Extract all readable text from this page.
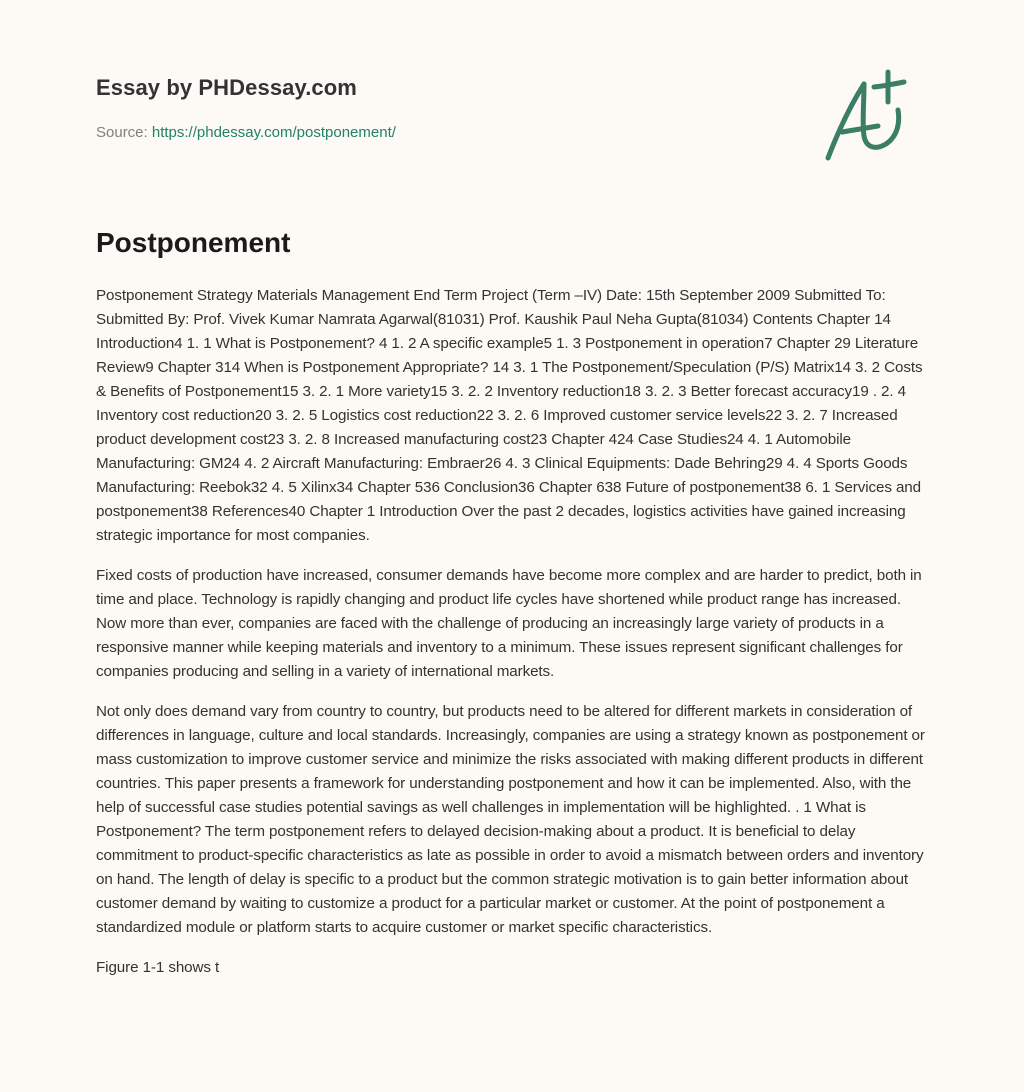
Essay by PHDessay.com
Source: https://phdessay.com/postponement/
Postponement

Postponement Strategy Materials Management End Term Project (Term –IV) Date: 15th September 2009 Submitted To: Submitted By: Prof. Vivek Kumar Namrata Agarwal(81031) Prof. Kaushik Paul Neha Gupta(81034) Contents Chapter 14 Introduction4 1. 1 What is Postponement? 4 1. 2 A specific example5 1. 3 Postponement in operation7 Chapter 29 Literature Review9 Chapter 314 When is Postponement Appropriate? 14 3. 1 The Postponement/Speculation (P/S) Matrix14 3. 2 Costs & Benefits of Postponement15 3. 2. 1 More variety15 3. 2. 2 Inventory reduction18 3. 2. 3 Better forecast accuracy19 . 2. 4 Inventory cost reduction20 3. 2. 5 Logistics cost reduction22 3. 2. 6 Improved customer service levels22 3. 2. 7 Increased product development cost23 3. 2. 8 Increased manufacturing cost23 Chapter 424 Case Studies24 4. 1 Automobile Manufacturing: GM24 4. 2 Aircraft Manufacturing: Embraer26 4. 3 Clinical Equipments: Dade Behring29 4. 4 Sports Goods Manufacturing: Reebok32 4. 5 Xilinx34 Chapter 536 Conclusion36 Chapter 638 Future of postponement38 6. 1 Services and postponement38 References40 Chapter 1 Introduction Over the past 2 decades, logistics activities have gained increasing strategic importance for most companies.

Fixed costs of production have increased, consumer demands have become more complex and are harder to predict, both in time and place. Technology is rapidly changing and product life cycles have shortened while product range has increased. Now more than ever, companies are faced with the challenge of producing an increasingly large variety of products in a responsive manner while keeping materials and inventory to a minimum. These issues represent significant challenges for companies producing and selling in a variety of international markets.

Not only does demand vary from country to country, but products need to be altered for different markets in consideration of differences in language, culture and local standards. Increasingly, companies are using a strategy known as postponement or mass customization to improve customer service and minimize the risks associated with making different products in different countries. This paper presents a framework for understanding postponement and how it can be implemented. Also, with the help of successful case studies potential savings as well challenges in implementation will be highlighted. . 1 What is Postponement? The term postponement refers to delayed decision-making about a product. It is beneficial to delay commitment to product-specific characteristics as late as possible in order to avoid a mismatch between orders and inventory on hand. The length of delay is specific to a product but the common strategic motivation is to gain better information about customer demand by waiting to customize a product for a particular market or customer. At the point of postponement a standardized module or platform starts to acquire customer or market specific characteristics.

Figure 1-1 shows t
